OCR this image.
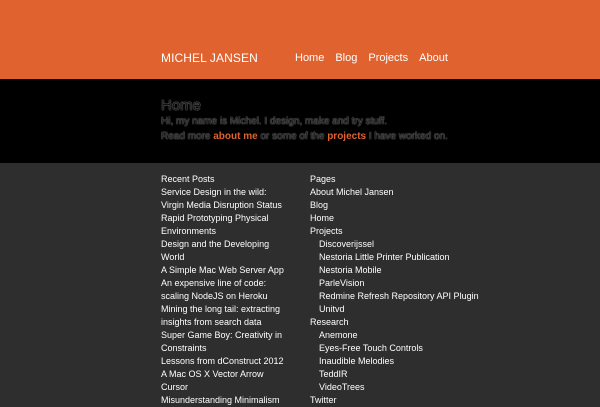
MICHEL JANSEN	Home Blog Projects About
Home

Hi, my name is Michel. I design, make and try stuff.

Read more about me or some of the projects I have worked on.

Recent Posts
Service Design in the wild: Virgin Media Disruption Status
Rapid Prototyping Physical Environments
Design and the Developing World
A Simple Mac Web Server App
An expensive line of code: scaling NodeJS on Heroku
Mining the long tail: extracting insights from search data
Super Game Boy: Creativity in Constraints
Lessons from dConstruct 2012
A Mac OS X Vector Arrow Cursor
Misunderstanding Minimalism
Pages
About Michel Jansen
Blog
Home
Projects
Discoverijssel
Nestoria Little Printer Publication
Nestoria Mobile
ParleVision
Redmine Refresh Repository API Plugin
Unitvd
Research
Anemone
Eyes-Free Touch Controls
Inaudible Melodies
TeddIR
VideoTrees
Twitter
